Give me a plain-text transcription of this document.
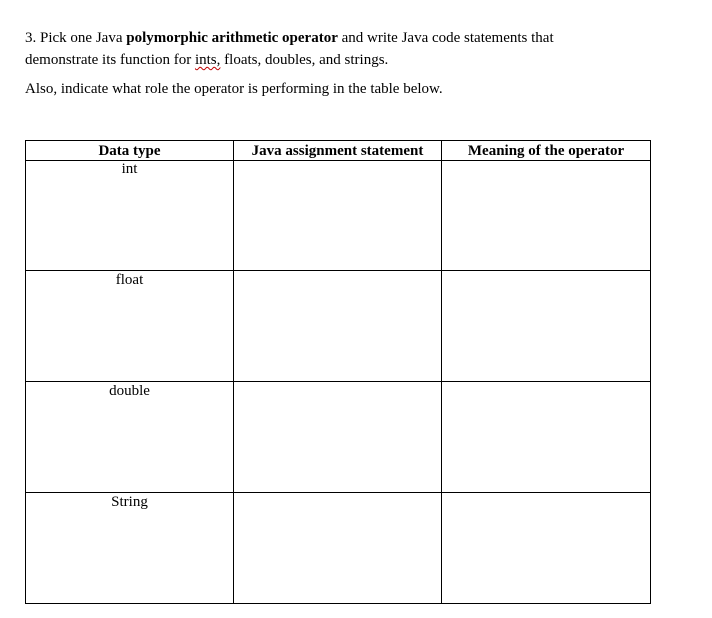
3. Pick one Java polymorphic arithmetic operator and write Java code statements that
demonstrate its function for ints, floats, doubles, and strings.

Also, indicate what role the operator is performing in the table below.

Data type	Java assignment statement	Meaning of the operator

int		

float		

double		

String		
